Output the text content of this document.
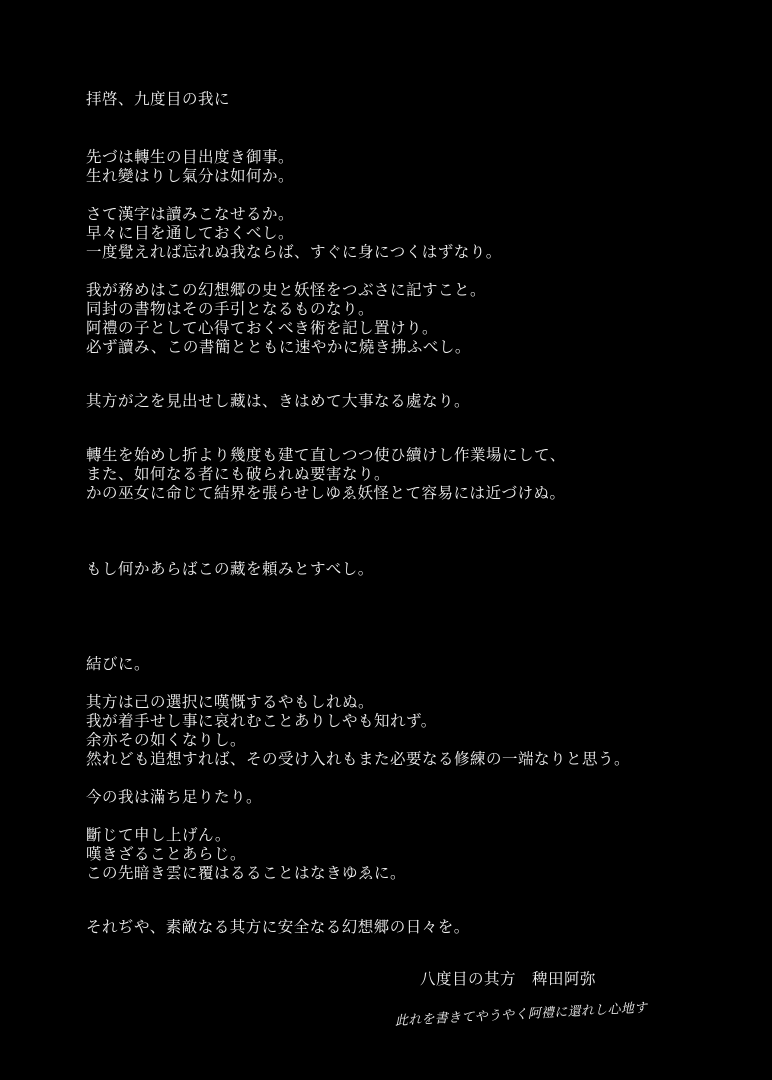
拝啓、九度目の我に
先づは轉生の目出度き御事。
生れ變はりし氣分は如何か。
さて漢字は讀みこなせるか。
早々に目を通しておくべし。
一度覺えれば忘れぬ我ならば、すぐに身につくはずなり。
我が務めはこの幻想郷の史と妖怪をつぶさに記すこと。
同封の書物はその手引となるものなり。
阿禮の子として心得ておくべき術を記し置けり。
必ず讀み、この書簡とともに速やかに燒き拂ふべし。
其方が之を見出せし藏は、きはめて大事なる處なり。
轉生を始めし折より幾度も建て直しつつ使ひ續けし作業場にして、
また、如何なる者にも破られぬ要害なり。
かの巫女に命じて結界を張らせしゆゑ妖怪とて容易には近づけぬ。
もし何かあらばこの藏を頼みとすべし。
結びに。
其方は己の選択に嘆慨するやもしれぬ。
我が着手せし事に哀れむことありしやも知れず。
余亦その如くなりし。
然れども追想すれば、その受け入れもまた必要なる修練の一端なりと思う。
今の我は滿ち足りたり。
斷じて申し上げん。
嘆きざることあらじ。
この先暗き雲に覆はるることはなきゆゑに。
それぢや、素敵なる其方に安全なる幻想郷の日々を。
八度目の其方　稗田阿弥
此れを書きてやうやく阿禮に還れし心地す
